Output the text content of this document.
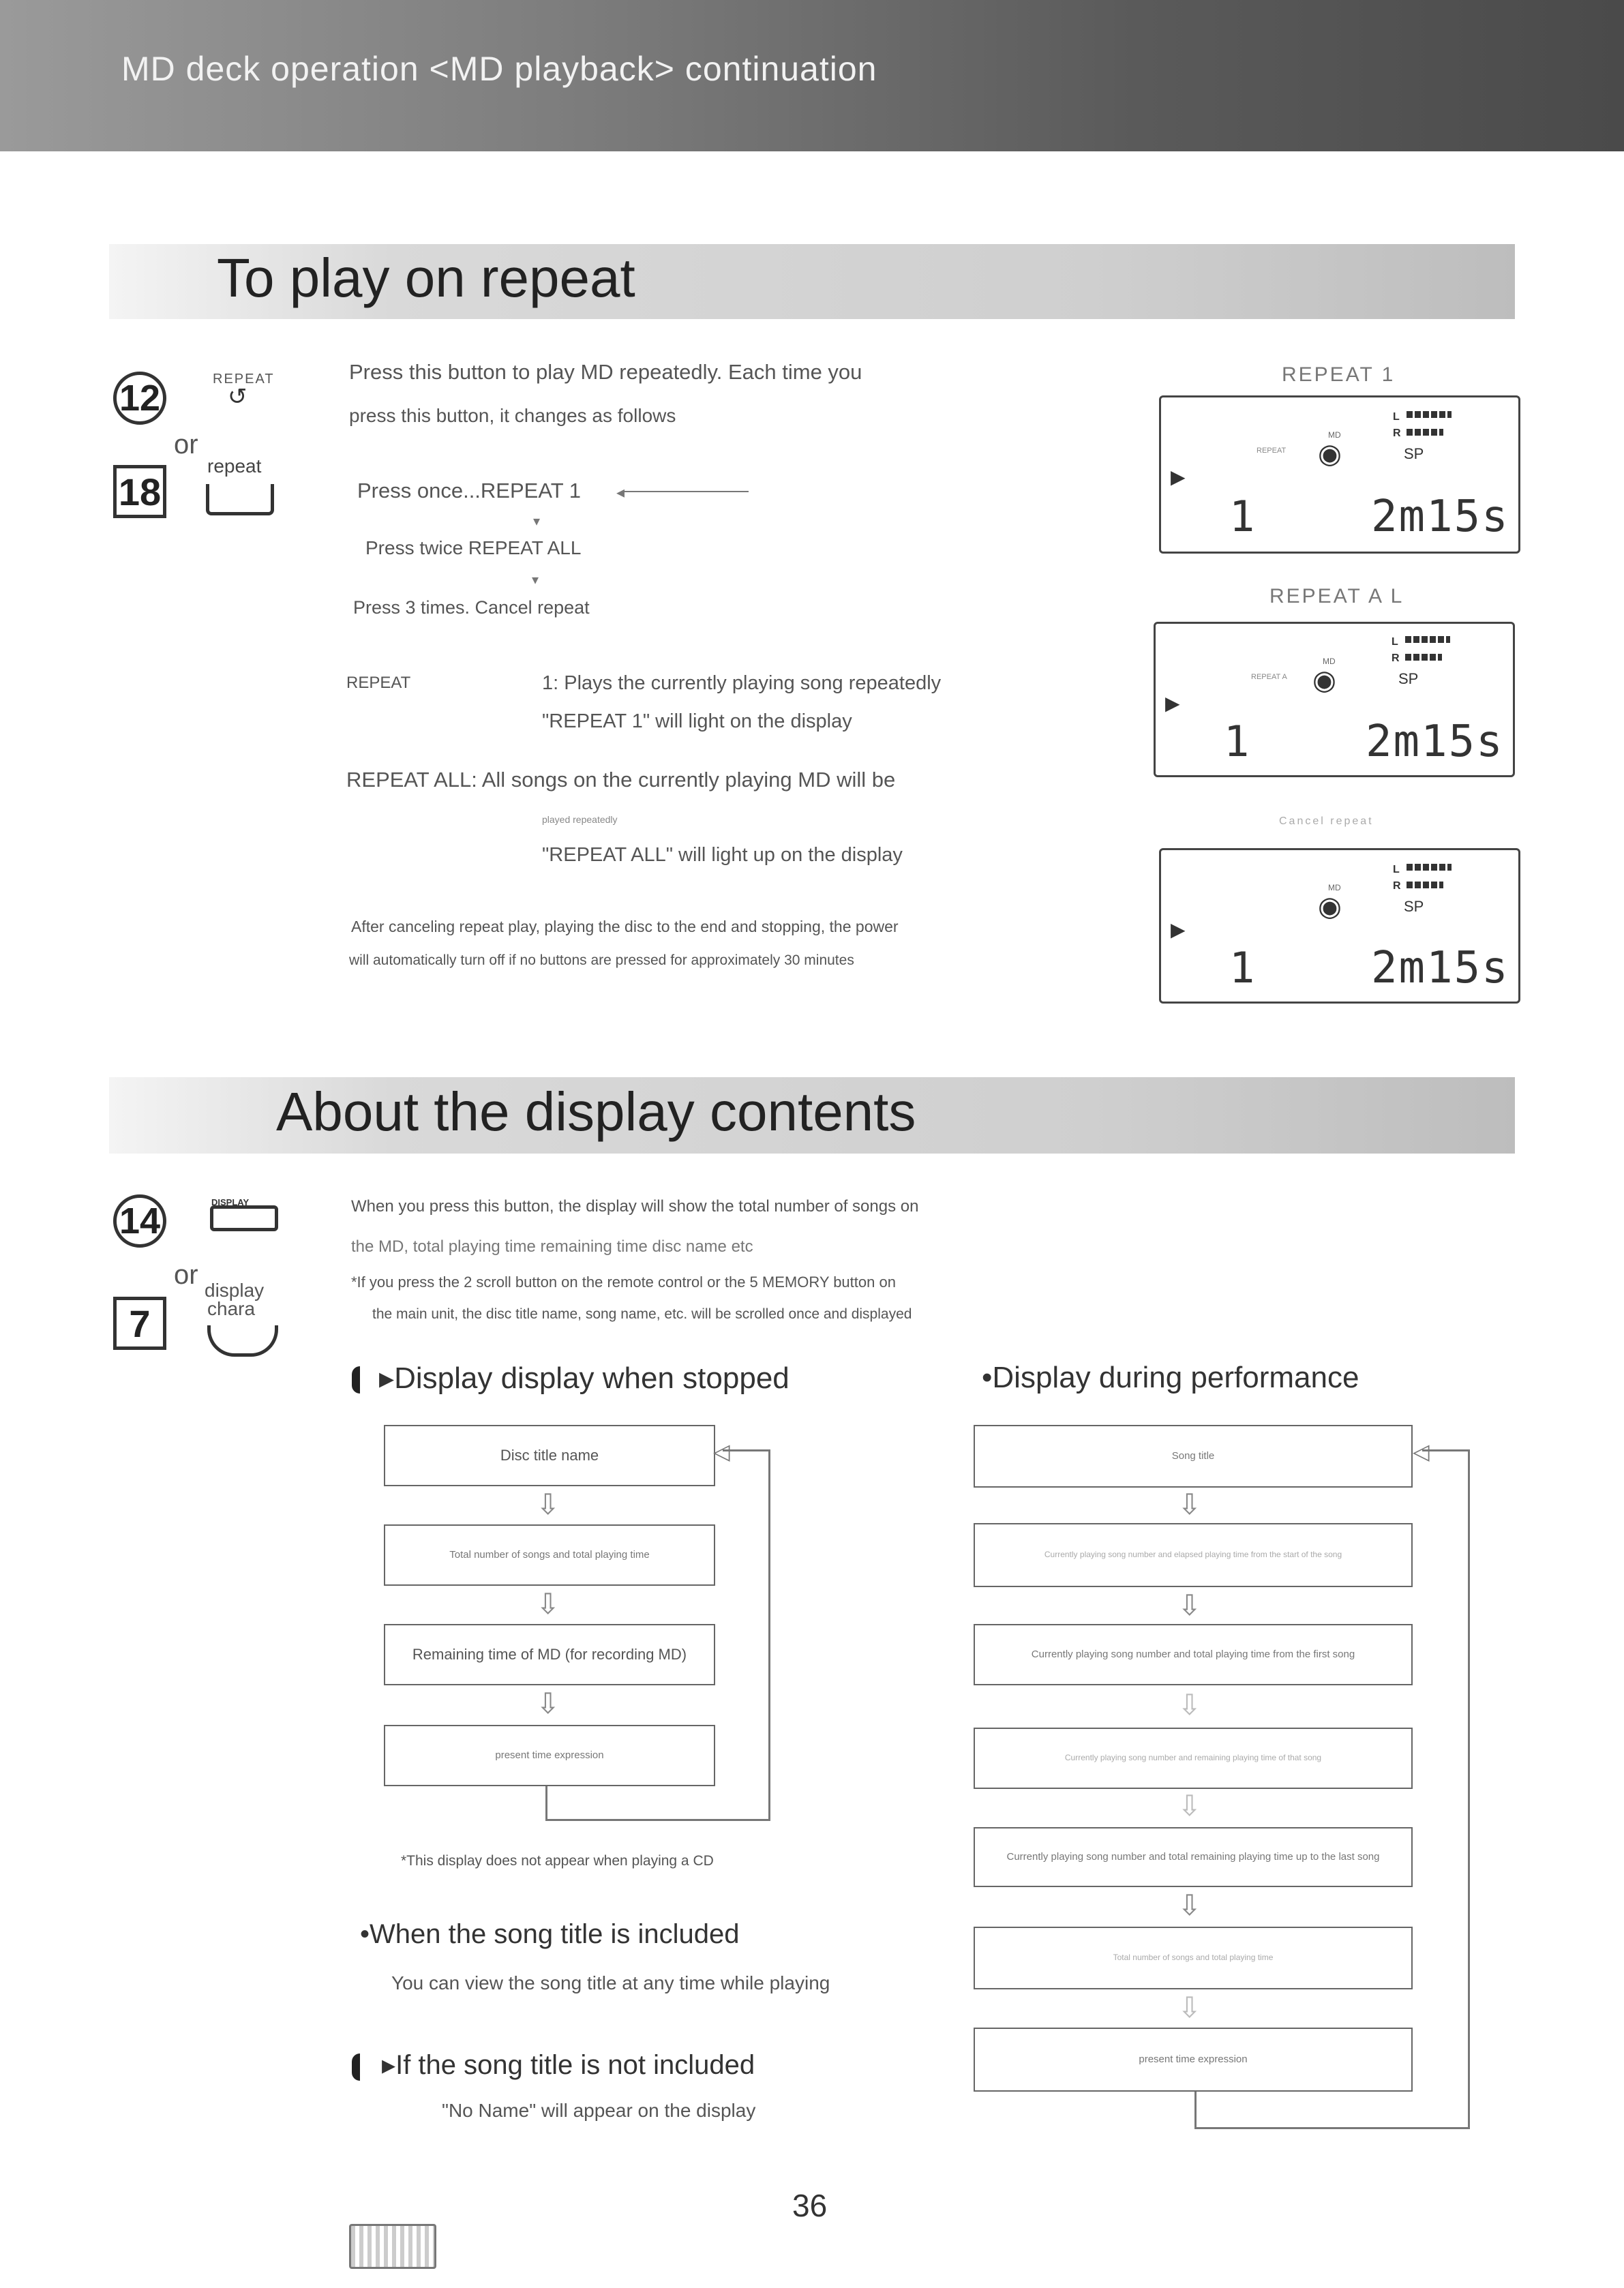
MD deck operation <MD playback> continuation
To play on repeat
12	REPEAT
↺
or
18
repeat
Press this button to play MD repeatedly. Each time you
press this button, it changes as follows
Press once...REPEAT 1 ◂
▾
Press twice REPEAT ALL
▾
Press 3 times. Cancel repeat
REPEAT	1: Plays the currently playing song repeatedly
"REPEAT 1" will light on the display
REPEAT ALL: All songs on the currently playing MD will be
played repeatedly
"REPEAT ALL" will light up on the display
After canceling repeat play, playing the disc to the end and stopping, the power
will automatically turn off if no buttons are pressed for approximately 30 minutes
REPEAT 1
▶
REPEAT
MD
◉
L
R
SP
1	2m15s
REPEAT A L
▶
REPEAT A
MD
◉
L
R
SP
1	2m15s
Cancel repeat
▶
MD
◉
L
R
SP
1	2m15s
About the display contents
14	DISPLAY
or
7
display
chara
When you press this button, the display will show the total number of songs on
the MD, total playing time remaining time disc name etc
*If you press the 2 scroll button on the remote control or the 5 MEMORY button on
the main unit, the disc title name, song name, etc. will be scrolled once and displayed
▸Display display when stopped	•Display during performance
Disc title name
⇩
Total number of songs and total playing time
⇩
Remaining time of MD (for recording MD)
⇩
present time expression
◁
*This display does not appear when playing a CD
•When the song title is included
You can view the song title at any time while playing
▸If the song title is not included
"No Name" will appear on the display
Song title
⇩
Currently playing song number and elapsed playing time from the start of the song
⇩
Currently playing song number and total playing time from the first song
⇩
Currently playing song number and remaining playing time of that song
⇩
Currently playing song number and total remaining playing time up to the last song
⇩
Total number of songs and total playing time
⇩
present time expression
◁
36
